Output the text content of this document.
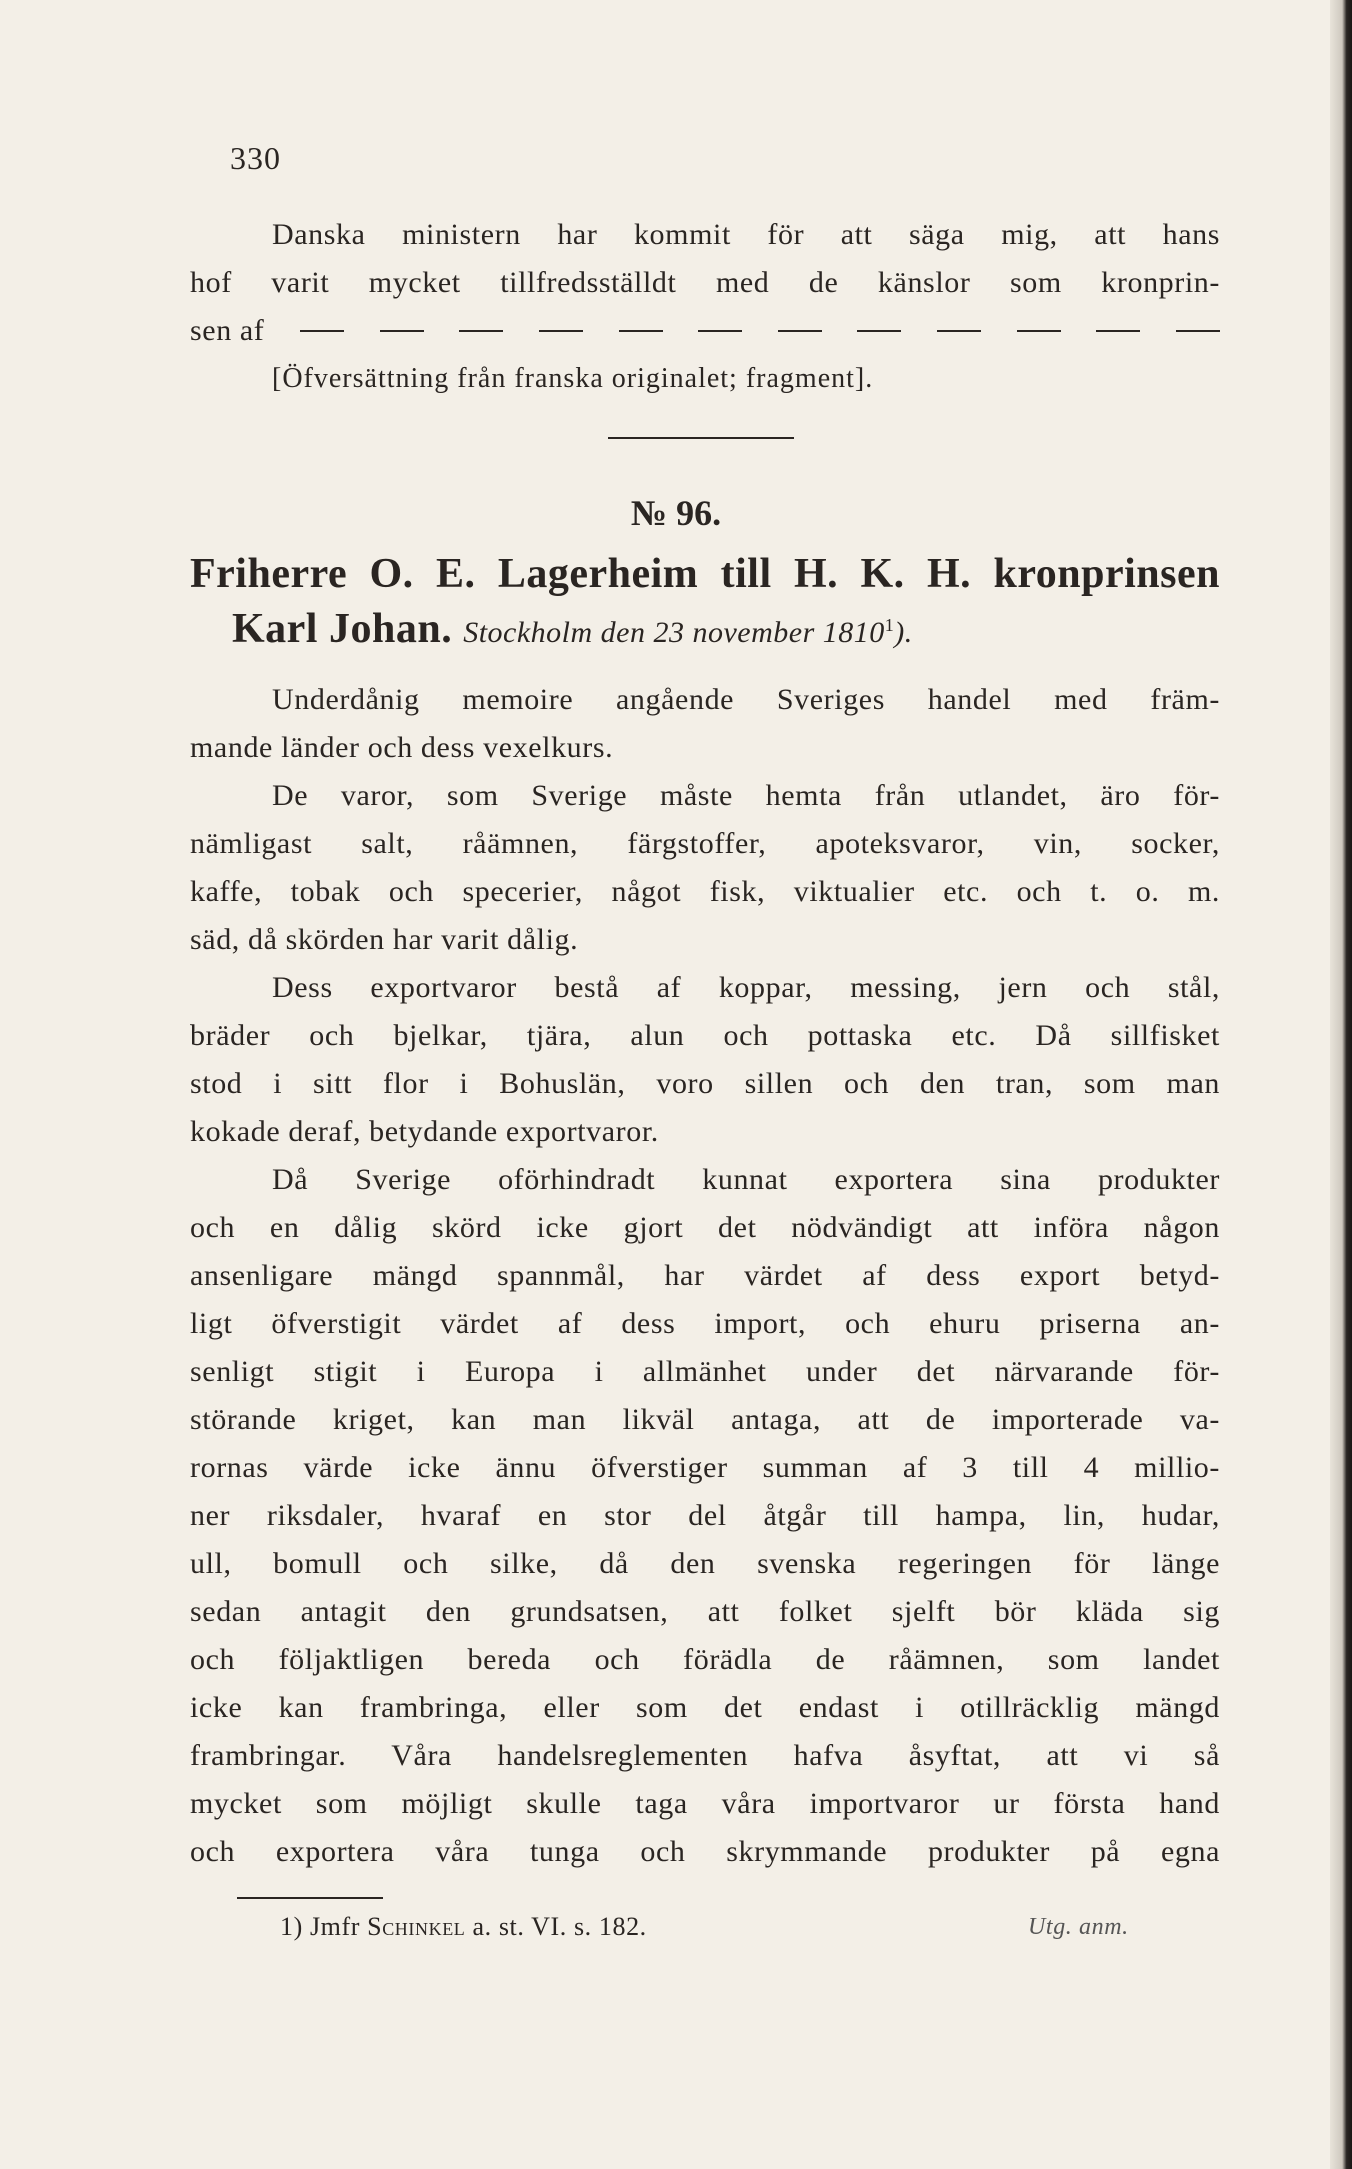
330
Danska ministern har kommit för att säga mig, att hans
hof varit mycket tillfredsställdt med de känslor som kronprin-
sen af
[Öfversättning från franska originalet; fragment].
№ 96.
Friherre O. E. Lagerheim till H. K. H. kronprinsen
Karl Johan. Stockholm den 23 november 1810$^1$).
Underdånig memoire angående Sveriges handel med främ-
mande länder och dess vexelkurs.
De varor, som Sverige måste hemta från utlandet, äro för-
nämligast salt, råämnen, färgstoffer, apoteksvaror, vin, socker,
kaffe, tobak och specerier, något fisk, viktualier etc. och t. o. m.
säd, då skörden har varit dålig.
Dess exportvaror bestå af koppar, messing, jern och stål,
bräder och bjelkar, tjära, alun och pottaska etc. Då sillfisket
stod i sitt flor i Bohuslän, voro sillen och den tran, som man
kokade deraf, betydande exportvaror.
Då Sverige oförhindradt kunnat exportera sina produkter
och en dålig skörd icke gjort det nödvändigt att införa någon
ansenligare mängd spannmål, har värdet af dess export betyd-
ligt öfverstigit värdet af dess import, och ehuru priserna an-
senligt stigit i Europa i allmänhet under det närvarande för-
störande kriget, kan man likväl antaga, att de importerade va-
rornas värde icke ännu öfverstiger summan af 3 till 4 millio-
ner riksdaler, hvaraf en stor del åtgår till hampa, lin, hudar,
ull, bomull och silke, då den svenska regeringen för länge
sedan antagit den grundsatsen, att folket sjelft bör kläda sig
och följaktligen bereda och förädla de råämnen, som landet
icke kan frambringa, eller som det endast i otillräcklig mängd
frambringar. Våra handelsreglementen hafva åsyftat, att vi så
mycket som möjligt skulle taga våra importvaror ur första hand
och exportera våra tunga och skrymmande produkter på egna
1) Jmfr Schinkel a. st. VI. s. 182.	Utg. anm.
